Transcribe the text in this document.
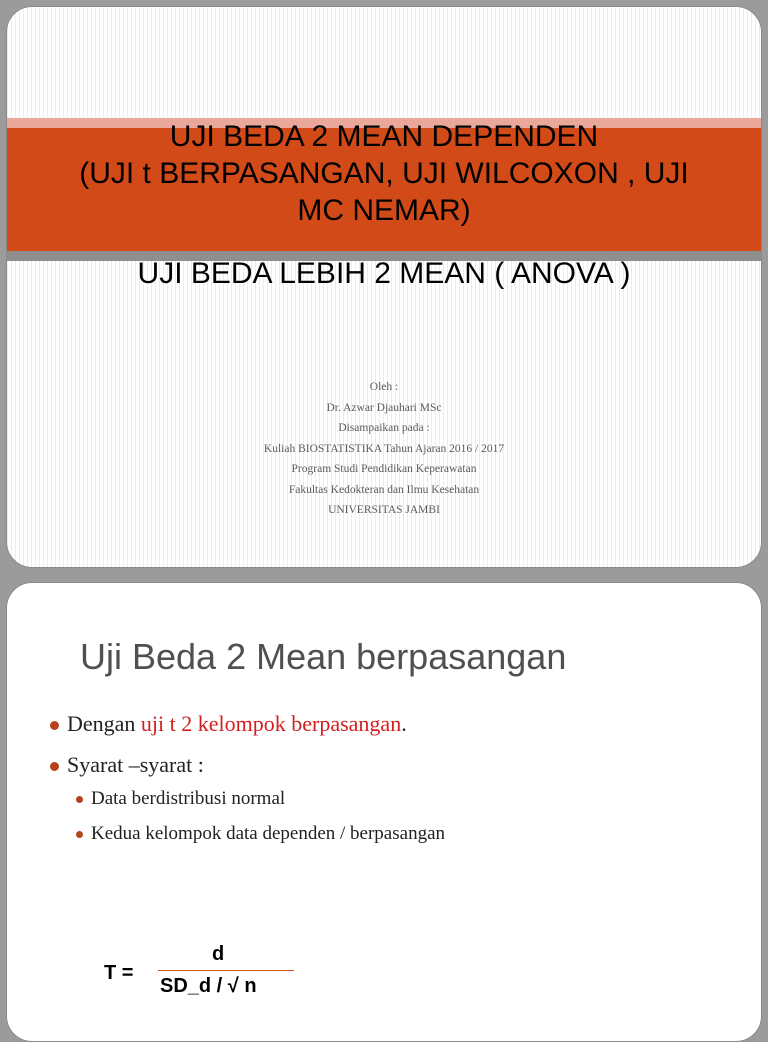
UJI BEDA 2 MEAN DEPENDEN
(UJI t BERPASANGAN, UJI WILCOXON , UJI
MC NEMAR)
UJI BEDA LEBIH 2 MEAN ( ANOVA )
Oleh :
Dr. Azwar Djauhari MSc
Disampaikan pada :
Kuliah BIOSTATISTIKA Tahun Ajaran 2016 / 2017
Program Studi Pendidikan Keperawatan
Fakultas Kedokteran dan Ilmu Kesehatan
UNIVERSITAS JAMBI
Uji Beda 2 Mean berpasangan
Dengan uji t 2 kelompok berpasangan.
Syarat –syarat :
Data berdistribusi normal
Kedua kelompok data dependen / berpasangan
T =
d
SD_d / √ n
